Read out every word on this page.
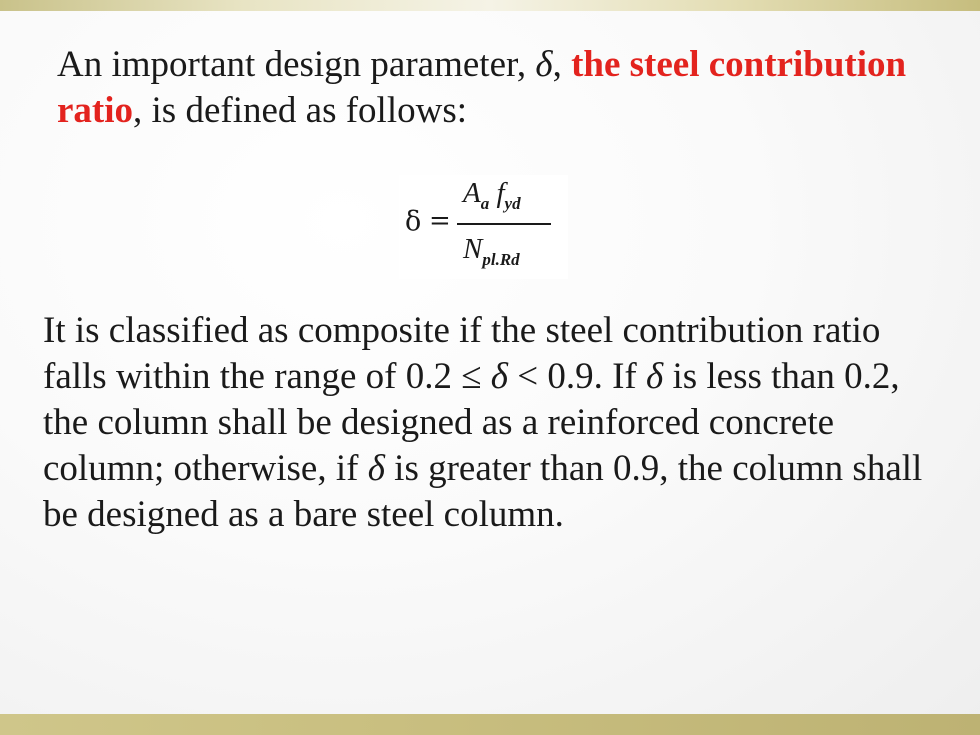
An important design parameter, δ, the steel contribution ratio, is defined as follows:

δ =
$A_a$ $f_{yd}$
$N_{pl.Rd}$

It is classified as composite if the steel contribution ratio falls within the range of 0.2 ≤ δ < 0.9. If δ is less than 0.2, the column shall be designed as a reinforced concrete column; otherwise, if δ is greater than 0.9, the column shall be designed as a bare steel column.
